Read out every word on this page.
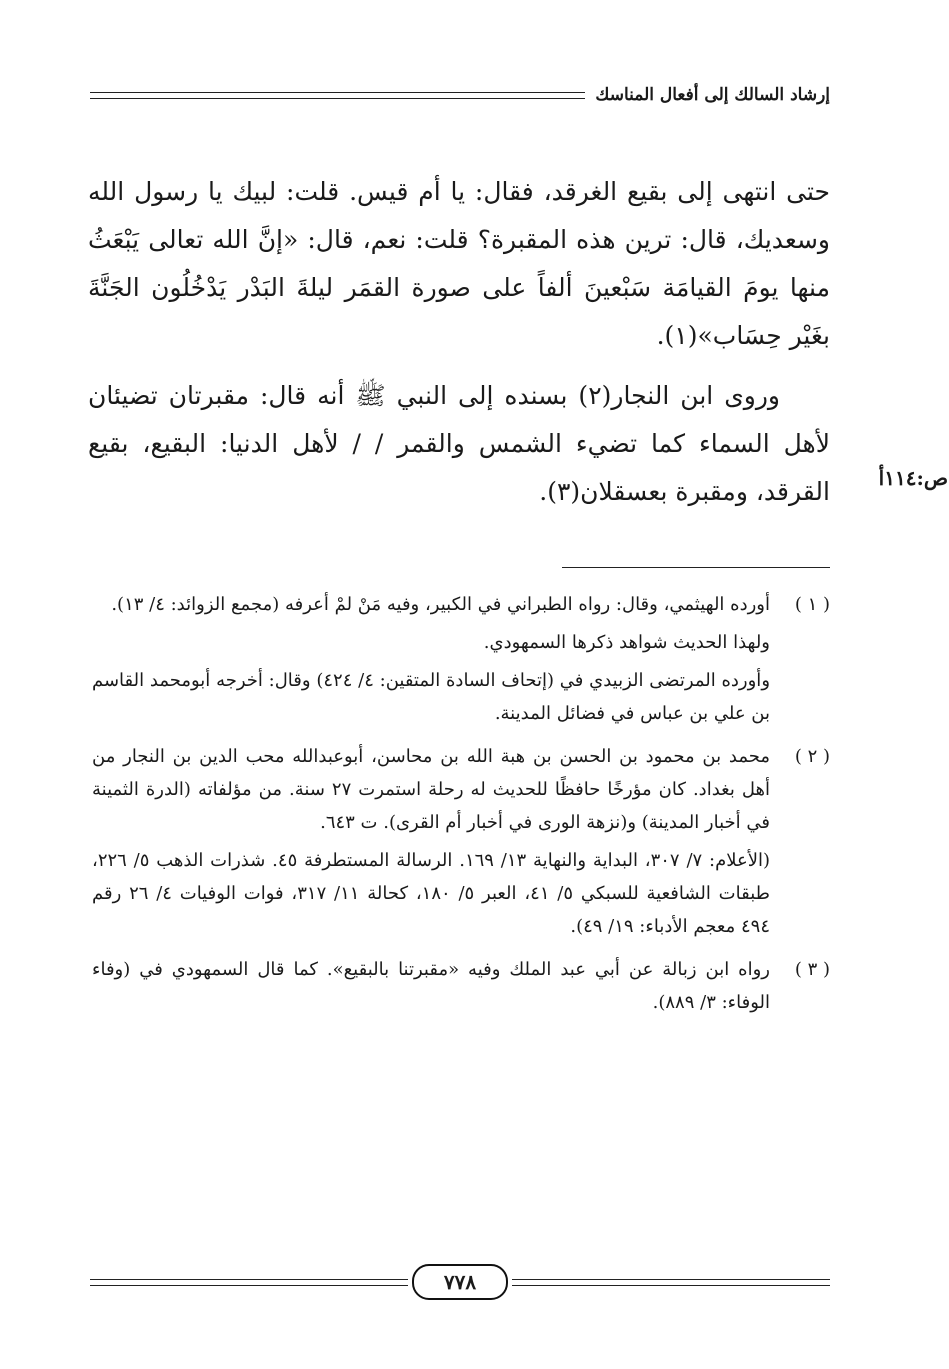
إرشاد السالك إلى أفعال المناسك

حتى انتهى إلى بقيع الغرقد، فقال: يا أم قيس. قلت: لبيك يا رسول الله وسعديك، قال: ترين هذه المقبرة؟ قلت: نعم، قال: «إنَّ الله تعالى يَبْعَثُ منها يومَ القيامَة سَبْعينَ ألفاً على صورة القمَر ليلةَ البَدْر يَدْخُلُون الجَنَّةَ بغَيْر حِسَاب»(١).

وروى ابن النجار(٢) بسنده إلى النبي ﷺ أنه قال: مقبرتان تضيئان لأهل السماء كما تضيء الشمس والقمر / / لأهل الدنيا: البقيع، بقيع القرقد، ومقبرة بعسقلان(٣).	ص:١١٤أ
( ١ )

أورده الهيثمي، وقال: رواه الطبراني في الكبير، وفيه مَنْ لمْ أعرفه (مجمع الزوائد: ٤/ ١٣).

ولهذا الحديث شواهد ذكرها السمهودي.

وأورده المرتضى الزبيدي في (إتحاف السادة المتقين: ٤/ ٤٢٤) وقال: أخرجه أبومحمد القاسم بن علي بن عباس في فضائل المدينة.

( ٢ )

محمد بن محمود بن الحسن بن هبة الله بن محاسن، أبوعبدالله محب الدين بن النجار من أهل بغداد. كان مؤرخًا حافظًا للحديث له رحلة استمرت ٢٧ سنة. من مؤلفاته (الدرة الثمينة في أخبار المدينة) و(نزهة الورى في أخبار أم القرى). ت ٦٤٣.

(الأعلام: ٧/ ٣٠٧، البداية والنهاية ١٣/ ١٦٩. الرسالة المستطرفة ٤٥. شذرات الذهب ٥/ ٢٢٦، طبقات الشافعية للسبكي ٥/ ٤١، العبر ٥/ ١٨٠، كحالة ١١/ ٣١٧، فوات الوفيات ٤/ ٢٦ رقم ٤٩٤ معجم الأدباء: ١٩/ ٤٩).

( ٣ )

رواه ابن زبالة عن أبي عبد الملك وفيه «مقبرتنا بالبقيع». كما قال السمهودي في (وفاء الوفاء: ٣/ ٨٨٩).

٧٧٨
